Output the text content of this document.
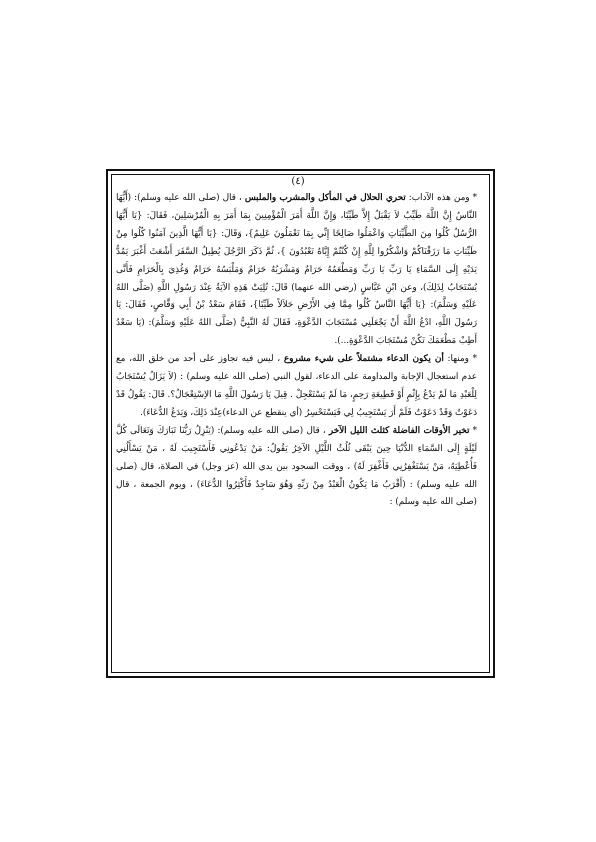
(٤)

* ومن هذه الآداب: تحري الحلال في المأكل والمشرب والملبس ، قال (صلى الله عليه وسلم): (أَيُّهَا النَّاسُ إِنَّ اللَّهَ طَيِّبٌ لاَ يَقْبَلُ إِلاَّ طَيِّبًا، وَإِنَّ اللَّهَ أَمَرَ الْمُؤْمِنِينَ بِمَا أَمَرَ بِهِ الْمُرْسَلِينَ، فَقَالَ: {يَا أَيُّهَا الرُّسُلُ كُلُوا مِنَ الطَّيِّبَاتِ وَاعْمَلُوا صَالِحًا إِنِّي بِمَا تَعْمَلُونَ عَلِيمٌ}، وَقَالَ: {يَا أَيُّهَا الَّذِينَ آمَنُوا كُلُوا مِنْ طَيِّبَاتِ مَا رَزَقْنَاكُمْ وَاشْكُرُوا لِلَّهِ إِنْ كُنْتُمْ إِيَّاهُ تَعْبُدُونَ }، ثُمَّ ذَكَرَ الرَّجُلَ يُطِيلُ السَّفَرَ أَشْعَثَ أَغْبَرَ يَمُدُّ يَدَيْهِ إِلَى السَّمَاءِ يَا رَبِّ يَا رَبِّ وَمَطْعَمُهُ حَرَامٌ وَمَشْرَبُهُ حَرَامٌ وَمَلْبَسُهُ حَرَامٌ وَغُذِيَ بِالْحَرَامِ فَأَنَّى يُسْتَجَابُ لِذَلِكَ)، وعن ابْنِ عَبَّاسٍ (رضي الله عنهما) قَالَ: تُلِيَتْ هَذِهِ الآيَةُ عِنْدَ رَسُولِ اللَّهِ (صَلَّى اللهُ عَلَيْهِ وَسَلَّمَ): {يَا أَيُّهَا النَّاسُ كُلُوا مِمَّا فِي الأَرْضِ حَلاَلاً طَيِّبًا}، فَقَامَ سَعْدُ بْنُ أَبِي وَقَّاصٍ، فَقَالَ: يَا رَسُولَ اللَّهِ، ادْعُ اللَّهَ أَنْ يَجْعَلَنِي مُسْتَجَابَ الدَّعْوَةِ، فَقَالَ لَهُ النَّبِيُّ (صَلَّى اللهُ عَلَيْهِ وَسَلَّمَ): (يَا سَعْدُ أَطِبْ مَطْعَمَكَ تَكُنْ مُسْتَجَابَ الدَّعْوَةِ...).

* ومنها: أن يكون الدعاء مشتملاً على شيء مشروع ، ليس فيه تجاوز على أحد من خلق الله، مع عدم استعجال الإجابة والمداومة على الدعاء، لقول النبي (صلى الله عليه وسلم) : (لاَ يَزَالُ يُسْتَجَابُ لِلْعَبْدِ مَا لَمْ يَدْعُ بِإِثْمٍ أَوْ قَطِيعَةِ رَحِمٍ، مَا لَمْ يَسْتَعْجِلْ . قِيلَ يَا رَسُولَ اللَّهِ مَا الاِسْتِعْجَالُ؟. قَالَ: يَقُولُ قَدْ دَعَوْتُ وَقَدْ دَعَوْتُ فَلَمْ أَرَ يَسْتَجِيبُ لِي فَيَسْتَحْسِرُ (أي ينقطع عن الدعاء)عِنْدَ ذَلِكَ، وَيَدَعُ الدُّعَاءَ).

* تخير الأوقات الفاضلة كثلث الليل الآخر ، قال (صلى الله عليه وسلم): (يَنْزِلُ رَبُّنَا تَبَارَكَ وَتَعَالَى كُلَّ لَيْلَةٍ إِلَى السَّمَاءِ الدُّنْيَا حِينَ يَبْقَى ثُلُثُ اللَّيْلِ الآخِرُ يَقُولُ: مَنْ يَدْعُونِي فَأَسْتَجِيبَ لَهُ ، مَنْ يَسْأَلُنِي فَأُعْطِيَهُ، مَنْ يَسْتَغْفِرُنِي فَأَغْفِرَ لَهُ) ، ووقت السجود بين يدي الله (عز وجل) في الصلاة، قال (صلى الله عليه وسلم) : (أَقْرَبُ مَا يَكُونُ الْعَبْدُ مِنْ رَبِّهِ وَهُوَ سَاجِدٌ فَأَكْثِرُوا الدُّعَاءَ) ، ويوم الجمعة ، قال (صلى الله عليه وسلم) :
